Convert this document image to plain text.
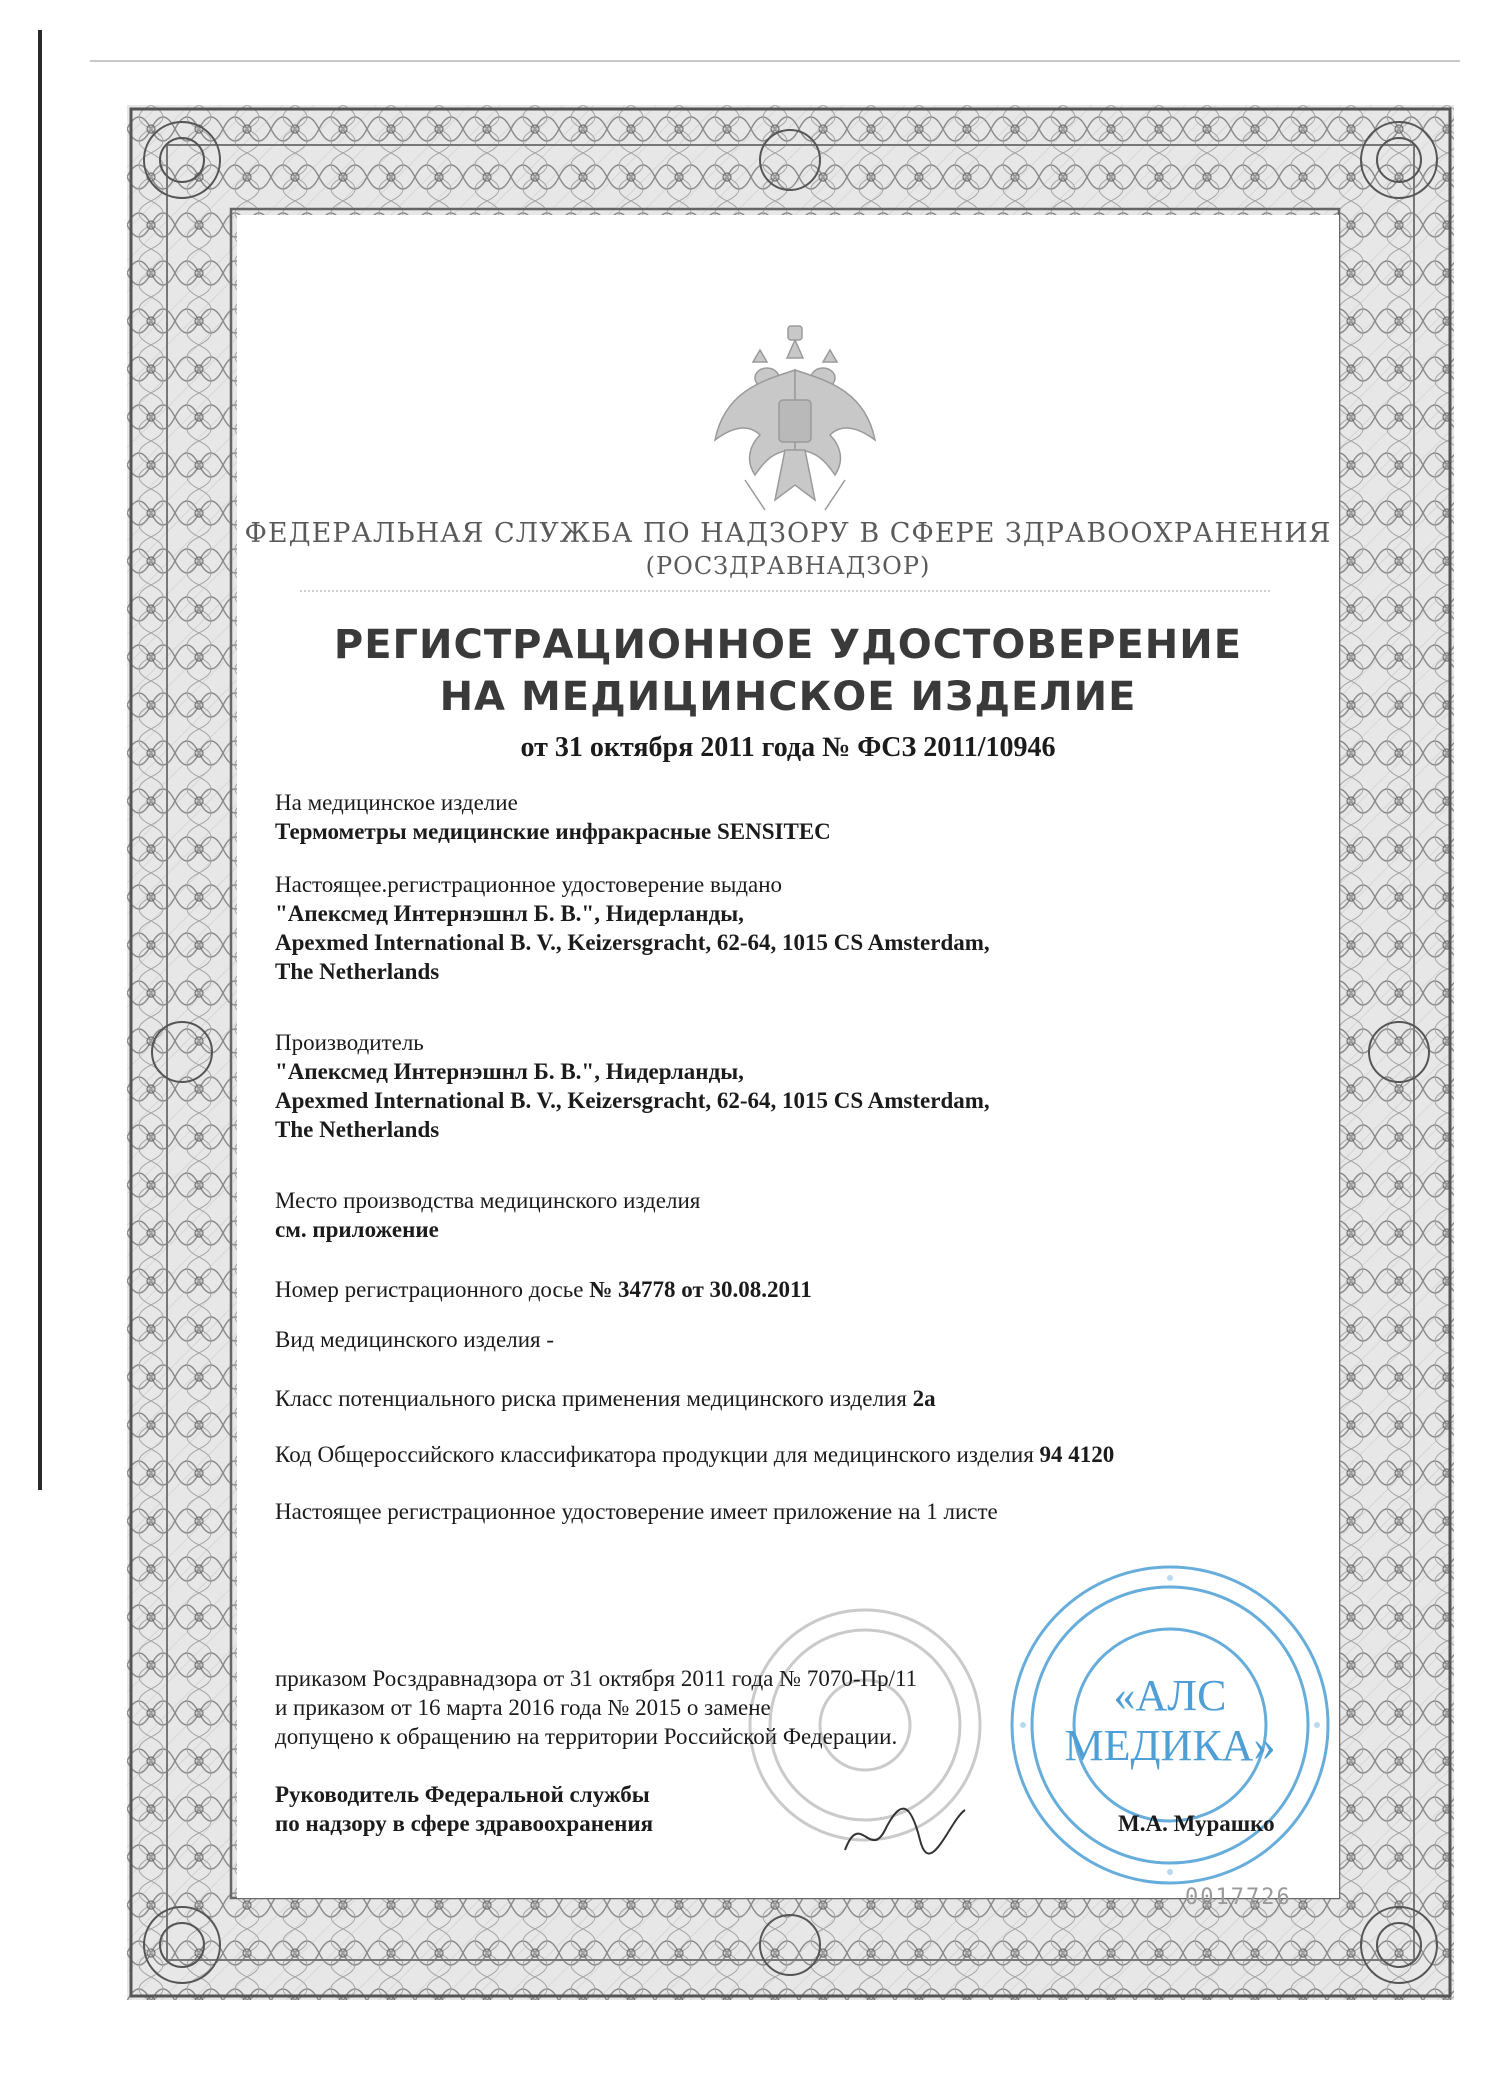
ФЕДЕРАЛЬНАЯ СЛУЖБА ПО НАДЗОРУ В СФЕРЕ ЗДРАВООХРАНЕНИЯ
(РОСЗДРАВНАДЗОР)
РЕГИСТРАЦИОННОЕ УДОСТОВЕРЕНИЕ
НА МЕДИЦИНСКОЕ ИЗДЕЛИЕ
от 31 октября 2011 года № ФСЗ 2011/10946
На медицинское изделие
Термометры медицинские инфракрасные SENSITEC
Настоящее.регистрационное удостоверение выдано
"Апексмед Интернэшнл Б. В.", Нидерланды,
Apexmed International B. V., Keizersgracht, 62-64, 1015 CS Amsterdam,
The Netherlands
Производитель
"Апексмед Интернэшнл Б. В.", Нидерланды,
Apexmed International B. V., Keizersgracht, 62-64, 1015 CS Amsterdam,
The Netherlands
Место производства медицинского изделия
см. приложение
Номер регистрационного досье № 34778 от 30.08.2011
Вид медицинского изделия -
Класс потенциального риска применения медицинского изделия 2а
Код Общероссийского классификатора продукции для медицинского изделия 94 4120
Настоящее регистрационное удостоверение имеет приложение на 1 листе
«АЛС
МЕДИКА»
приказом Росздравнадзора от 31 октября 2011 года № 7070-Пр/11
и приказом от 16 марта 2016 года № 2015 о замене
допущено к обращению на территории Российской Федерации.
Руководитель Федеральной службы
по надзору в сфере здравоохранения	М.А. Мурашко
0017726
